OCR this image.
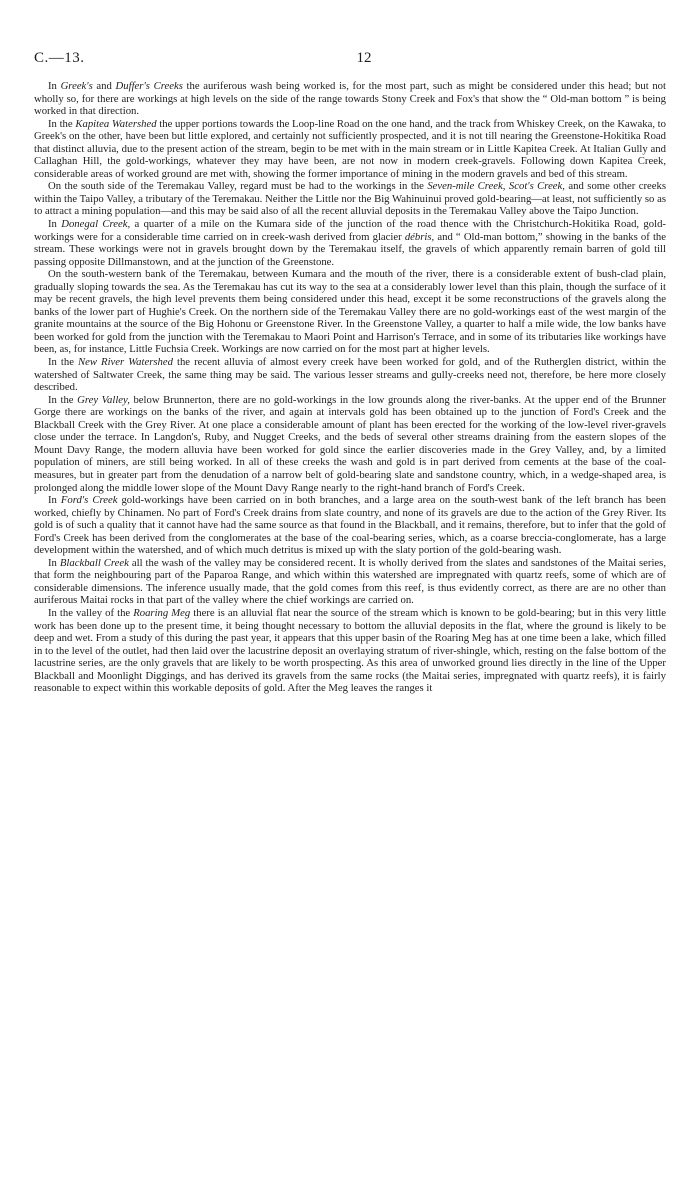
C.—13.	12

In Greek's and Duffer's Creeks the auriferous wash being worked is, for the most part, such as might be considered under this head; but not wholly so, for there are workings at high levels on the side of the range towards Stony Creek and Fox's that show the “ Old-man bottom ” is being worked in that direction.

In the Kapitea Watershed the upper portions towards the Loop-line Road on the one hand, and the track from Whiskey Creek, on the Kawaka, to Greek's on the other, have been but little explored, and certainly not sufficiently prospected, and it is not till nearing the Greenstone-Hokitika Road that distinct alluvia, due to the present action of the stream, begin to be met with in the main stream or in Little Kapitea Creek. At Italian Gully and Callaghan Hill, the gold-workings, whatever they may have been, are not now in modern creek-gravels. Following down Kapitea Creek, considerable areas of worked ground are met with, showing the former importance of mining in the modern gravels and bed of this stream.

On the south side of the Teremakau Valley, regard must be had to the workings in the Seven-mile Creek, Scot's Creek, and some other creeks within the Taipo Valley, a tributary of the Teremakau. Neither the Little nor the Big Wahinuinui proved gold-bearing—at least, not sufficiently so as to attract a mining population—and this may be said also of all the recent alluvial deposits in the Teremakau Valley above the Taipo Junction.

In Donegal Creek, a quarter of a mile on the Kumara side of the junction of the road thence with the Christchurch-Hokitika Road, gold-workings were for a considerable time carried on in creek-wash derived from glacier débris, and “ Old-man bottom,” showing in the banks of the stream. These workings were not in gravels brought down by the Teremakau itself, the gravels of which apparently remain barren of gold till passing opposite Dillmanstown, and at the junction of the Greenstone.

On the south-western bank of the Teremakau, between Kumara and the mouth of the river, there is a considerable extent of bush-clad plain, gradually sloping towards the sea. As the Teremakau has cut its way to the sea at a considerably lower level than this plain, though the surface of it may be recent gravels, the high level prevents them being considered under this head, except it be some reconstructions of the gravels along the banks of the lower part of Hughie's Creek. On the northern side of the Teremakau Valley there are no gold-workings east of the west margin of the granite mountains at the source of the Big Hohonu or Greenstone River. In the Greenstone Valley, a quarter to half a mile wide, the low banks have been worked for gold from the junction with the Teremakau to Maori Point and Harrison's Terrace, and in some of its tributaries like workings have been, as, for instance, Little Fuchsia Creek. Workings are now carried on for the most part at higher levels.

In the New River Watershed the recent alluvia of almost every creek have been worked for gold, and of the Rutherglen district, within the watershed of Saltwater Creek, the same thing may be said. The various lesser streams and gully-creeks need not, therefore, be here more closely described.

In the Grey Valley, below Brunnerton, there are no gold-workings in the low grounds along the river-banks. At the upper end of the Brunner Gorge there are workings on the banks of the river, and again at intervals gold has been obtained up to the junction of Ford's Creek and the Blackball Creek with the Grey River. At one place a considerable amount of plant has been erected for the working of the low-level river-gravels close under the terrace. In Langdon's, Ruby, and Nugget Creeks, and the beds of several other streams draining from the eastern slopes of the Mount Davy Range, the modern alluvia have been worked for gold since the earlier discoveries made in the Grey Valley, and, by a limited population of miners, are still being worked. In all of these creeks the wash and gold is in part derived from cements at the base of the coal-measures, but in greater part from the denudation of a narrow belt of gold-bearing slate and sandstone country, which, in a wedge-shaped area, is prolonged along the middle lower slope of the Mount Davy Range nearly to the right-hand branch of Ford's Creek.

In Ford's Creek gold-workings have been carried on in both branches, and a large area on the south-west bank of the left branch has been worked, chiefly by Chinamen. No part of Ford's Creek drains from slate country, and none of its gravels are due to the action of the Grey River. Its gold is of such a quality that it cannot have had the same source as that found in the Blackball, and it remains, therefore, but to infer that the gold of Ford's Creek has been derived from the conglomerates at the base of the coal-bearing series, which, as a coarse breccia-conglomerate, has a large development within the watershed, and of which much detritus is mixed up with the slaty portion of the gold-bearing wash.

In Blackball Creek all the wash of the valley may be considered recent. It is wholly derived from the slates and sandstones of the Maitai series, that form the neighbouring part of the Paparoa Range, and which within this watershed are impregnated with quartz reefs, some of which are of considerable dimensions. The inference usually made, that the gold comes from this reef, is thus evidently correct, as there are are no other than auriferous Maitai rocks in that part of the valley where the chief workings are carried on.

In the valley of the Roaring Meg there is an alluvial flat near the source of the stream which is known to be gold-bearing; but in this very little work has been done up to the present time, it being thought necessary to bottom the alluvial deposits in the flat, where the ground is likely to be deep and wet. From a study of this during the past year, it appears that this upper basin of the Roaring Meg has at one time been a lake, which filled in to the level of the outlet, had then laid over the lacustrine deposit an overlaying stratum of river-shingle, which, resting on the false bottom of the lacustrine series, are the only gravels that are likely to be worth prospecting. As this area of unworked ground lies directly in the line of the Upper Blackball and Moonlight Diggings, and has derived its gravels from the same rocks (the Maitai series, impregnated with quartz reefs), it is fairly reasonable to expect within this workable deposits of gold. After the Meg leaves the ranges it
